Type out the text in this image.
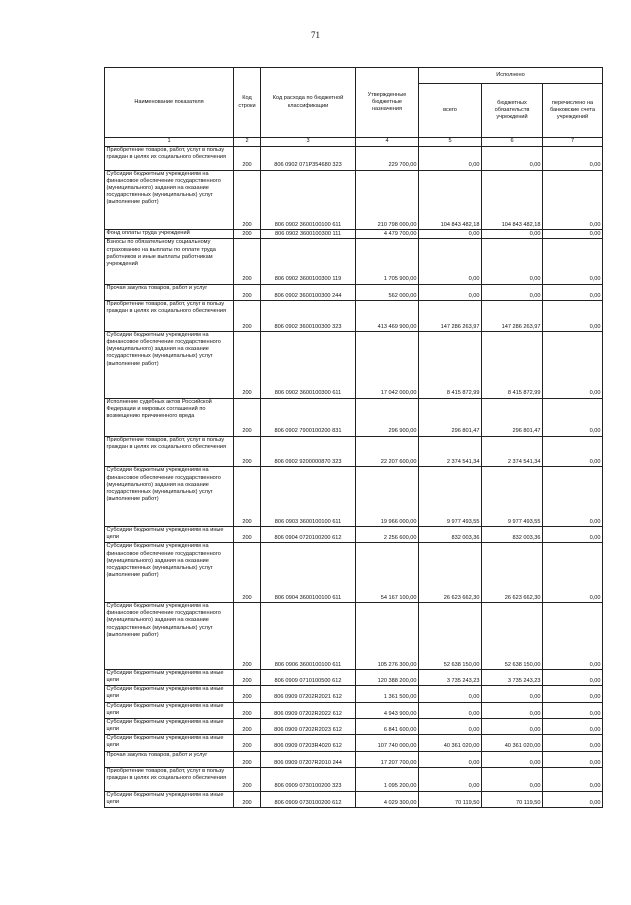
71
Наименование показателя	Код строки	Код расхода по бюджетной классификации	Утвержденные бюджетные назначения	Исполнено		
				всего	бюджетных обязательств учреждений	перечислено на банковские счета учреждений
1	2	3	4	5	6	7
Приобретение товаров, работ, услуг в пользу граждан в целях их социального обеспечения	200	806 0902 071P354680 323	229 700,00	0,00	0,00	0,00
Субсидии бюджетным учреждениям на финансовое обеспечение государственного (муниципального) задания на оказание государственных (муниципальных) услуг (выполнение работ)	200	806 0902 3600100100 611	210 798 000,00	104 843 482,18	104 843 482,18	0,00
Фонд оплаты труда учреждений	200	806 0902 3600100300 111	4 479 700,00	0,00	0,00	0,00
Взносы по обязательному социальному страхованию на выплаты по оплате труда работников и иные выплаты работникам учреждений	200	806 0902 3600100300 119	1 705 900,00	0,00	0,00	0,00
Прочая закупка товаров, работ и услуг	200	806 0902 3600100300 244	562 000,00	0,00	0,00	0,00
Приобретение товаров, работ, услуг в пользу граждан в целях их социального обеспечения	200	806 0902 3600100300 323	413 469 900,00	147 286 263,97	147 286 263,97	0,00
Субсидии бюджетным учреждениям на финансовое обеспечение государственного (муниципального) задания на оказание государственных (муниципальных) услуг (выполнение работ)	200	806 0902 3600100300 611	17 042 000,00	8 415 872,99	8 415 872,99	0,00
Исполнение судебных актов Российской Федерации и мировых соглашений по возмещению причиненного вреда	200	806 0902 7900100200 831	296 900,00	296 801,47	296 801,47	0,00
Приобретение товаров, работ, услуг в пользу граждан в целях их социального обеспечения	200	806 0902 9200000870 323	22 207 600,00	2 374 541,34	2 374 541,34	0,00
Субсидии бюджетным учреждениям на финансовое обеспечение государственного (муниципального) задания на оказание государственных (муниципальных) услуг (выполнение работ)	200	806 0903 3600100100 611	19 966 000,00	9 977 493,55	9 977 493,55	0,00
Субсидии бюджетным учреждениям на иные цели	200	806 0904 0720100200 612	2 256 600,00	832 003,36	832 003,36	0,00
Субсидии бюджетным учреждениям на финансовое обеспечение государственного (муниципального) задания на оказание государственных (муниципальных) услуг (выполнение работ)	200	806 0904 3600100100 611	54 167 100,00	26 623 662,30	26 623 662,30	0,00
Субсидии бюджетным учреждениям на финансовое обеспечение государственного (муниципального) задания на оказание государственных (муниципальных) услуг (выполнение работ)	200	806 0906 3600100100 611	105 276 300,00	52 638 150,00	52 638 150,00	0,00
Субсидии бюджетным учреждениям на иные цели	200	806 0909 0710100500 612	120 388 200,00	3 735 243,23	3 735 243,23	0,00
Субсидии бюджетным учреждениям на иные цели	200	806 0909 07202R2021 612	1 361 500,00	0,00	0,00	0,00
Субсидии бюджетным учреждениям на иные цели	200	806 0909 07202R2022 612	4 943 900,00	0,00	0,00	0,00
Субсидии бюджетным учреждениям на иные цели	200	806 0909 07202R2023 612	6 841 600,00	0,00	0,00	0,00
Субсидии бюджетным учреждениям на иные цели	200	806 0909 07203R4020 612	107 740 000,00	40 361 020,00	40 361 020,00	0,00
Прочая закупка товаров, работ и услуг	200	806 0909 07207R2010 244	17 207 700,00	0,00	0,00	0,00
Приобретение товаров, работ, услуг в пользу граждан в целях их социального обеспечения	200	806 0909 0730100200 323	1 095 200,00	0,00	0,00	0,00
Субсидии бюджетным учреждениям на иные цели	200	806 0909 0730100200 612	4 029 300,00	70 119,50	70 119,50	0,00
